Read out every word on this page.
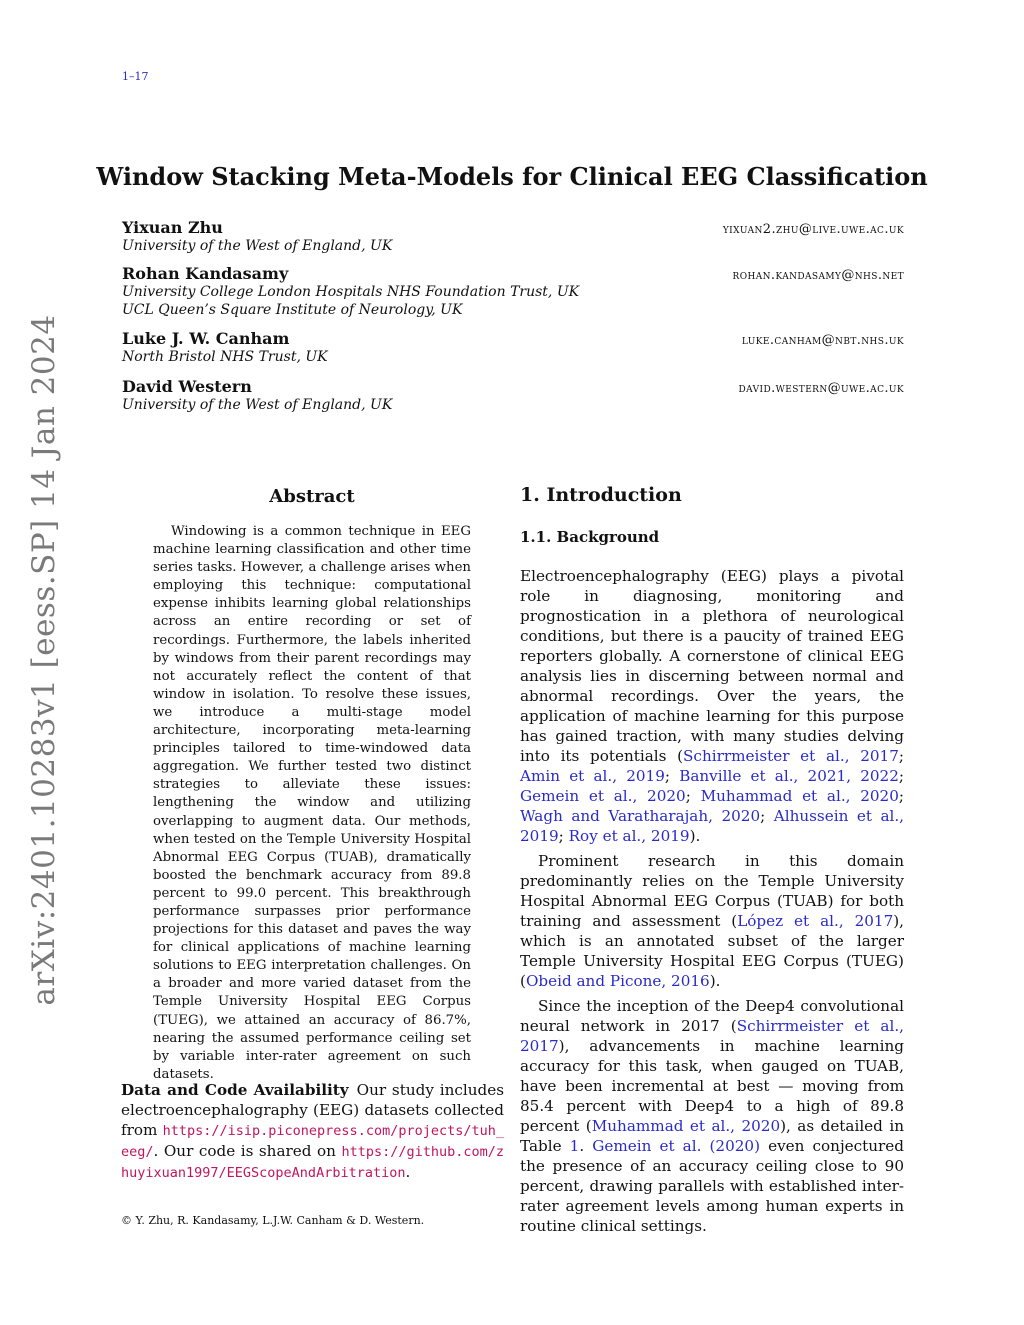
1–17
arXiv:2401.10283v1 [eess.SP] 14 Jan 2024
Window Stacking Meta-Models for Clinical EEG Classification
Yixuan Zhu	yixuan2.zhu@live.uwe.ac.uk
University of the West of England, UK
Rohan Kandasamy	rohan.kandasamy@nhs.net
University College London Hospitals NHS Foundation Trust, UK
UCL Queen’s Square Institute of Neurology, UK
Luke J. W. Canham	luke.canham@nbt.nhs.uk
North Bristol NHS Trust, UK
David Western	david.western@uwe.ac.uk
University of the West of England, UK
Abstract

Windowing is a common technique in EEG machine learning classification and other time series tasks. However, a challenge arises when employing this technique: computational expense inhibits learning global relationships across an entire recording or set of recordings. Furthermore, the labels inherited by windows from their parent recordings may not accurately reflect the content of that window in isolation. To resolve these issues, we introduce a multi-stage model architecture, incorporating meta-learning principles tailored to time-windowed data aggregation. We further tested two distinct strategies to alleviate these issues: lengthening the window and utilizing overlapping to augment data. Our methods, when tested on the Temple University Hospital Abnormal EEG Corpus (TUAB), dramatically boosted the benchmark accuracy from 89.8 percent to 99.0 percent. This breakthrough performance surpasses prior performance projections for this dataset and paves the way for clinical applications of machine learning solutions to EEG interpretation challenges. On a broader and more varied dataset from the Temple University Hospital EEG Corpus (TUEG), we attained an accuracy of 86.7%, nearing the assumed performance ceiling set by variable inter-rater agreement on such datasets.

Data and Code Availability Our study includes electroencephalography (EEG) datasets collected from https://isip.piconepress.com/projects/tuh_eeg/. Our code is shared on https://github.com/zhuyixuan1997/EEGScopeAndArbitration.

1. Introduction
1.1. Background

Electroencephalography (EEG) plays a pivotal role in diagnosing, monitoring and prognostication in a plethora of neurological conditions, but there is a paucity of trained EEG reporters globally. A cornerstone of clinical EEG analysis lies in discerning between normal and abnormal recordings. Over the years, the application of machine learning for this purpose has gained traction, with many studies delving into its potentials (Schirrmeister et al., 2017; Amin et al., 2019; Banville et al., 2021, 2022; Gemein et al., 2020; Muhammad et al., 2020; Wagh and Varatharajah, 2020; Alhussein et al., 2019; Roy et al., 2019).

Prominent research in this domain predominantly relies on the Temple University Hospital Abnormal EEG Corpus (TUAB) for both training and assessment (López et al., 2017), which is an annotated subset of the larger Temple University Hospital EEG Corpus (TUEG) (Obeid and Picone, 2016).

Since the inception of the Deep4 convolutional neural network in 2017 (Schirrmeister et al., 2017), advancements in machine learning accuracy for this task, when gauged on TUAB, have been incremental at best — moving from 85.4 percent with Deep4 to a high of 89.8 percent (Muhammad et al., 2020), as detailed in Table 1. Gemein et al. (2020) even conjectured the presence of an accuracy ceiling close to 90 percent, drawing parallels with established inter-rater agreement levels among human experts in routine clinical settings.

© Y. Zhu, R. Kandasamy, L.J.W. Canham & D. Western.
